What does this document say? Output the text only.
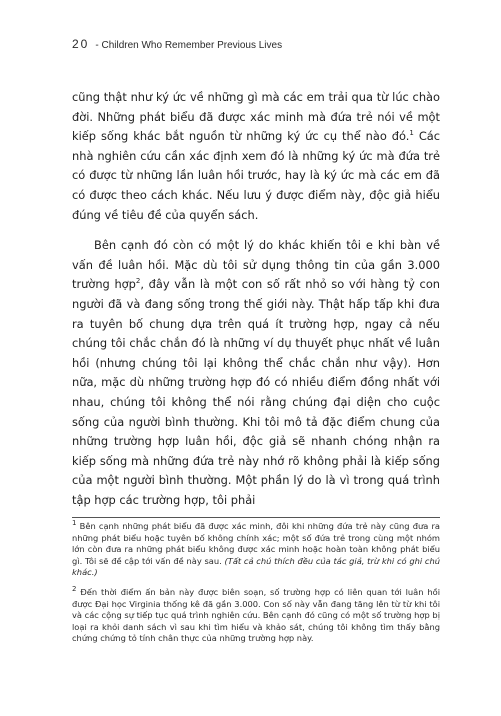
20 - Children Who Remember Previous Lives

cũng thật như ký ức về những gì mà các em trải qua từ lúc chào đời. Những phát biểu đã được xác minh mà đứa trẻ nói về một kiếp sống khác bắt nguồn từ những ký ức cụ thể nào đó.$^1$ Các nhà nghiên cứu cần xác định xem đó là những ký ức mà đứa trẻ có được từ những lần luân hồi trước, hay là ký ức mà các em đã có được theo cách khác. Nếu lưu ý được điểm này, độc giả hiểu đúng về tiêu đề của quyển sách.

Bên cạnh đó còn có một lý do khác khiến tôi e khi bàn về vấn đề luân hồi. Mặc dù tôi sử dụng thông tin của gần 3.000 trường hợp$^2$, đây vẫn là một con số rất nhỏ so với hàng tỷ con người đã và đang sống trong thế giới này. Thật hấp tấp khi đưa ra tuyên bố chung dựa trên quá ít trường hợp, ngay cả nếu chúng tôi chắc chắn đó là những ví dụ thuyết phục nhất về luân hồi (nhưng chúng tôi lại không thể chắc chắn như vậy). Hơn nữa, mặc dù những trường hợp đó có nhiều điểm đồng nhất với nhau, chúng tôi không thể nói rằng chúng đại diện cho cuộc sống của người bình thường. Khi tôi mô tả đặc điểm chung của những trường hợp luân hồi, độc giả sẽ nhanh chóng nhận ra kiếp sống mà những đứa trẻ này nhớ rõ không phải là kiếp sống của một người bình thường. Một phần lý do là vì trong quá trình tập hợp các trường hợp, tôi phải

$^1$ Bên cạnh những phát biểu đã được xác minh, đôi khi những đứa trẻ này cũng đưa ra những phát biểu hoặc tuyên bố không chính xác; một số đứa trẻ trong cùng một nhóm lớn còn đưa ra những phát biểu không được xác minh hoặc hoàn toàn không phát biểu gì. Tôi sẽ đề cập tới vấn đề này sau. (Tất cả chú thích đều của tác giả, trừ khi có ghi chú khác.)
$^2$ Đến thời điểm ấn bản này được biên soạn, số trường hợp có liên quan tới luân hồi được Đại học Virginia thống kê đã gần 3.000. Con số này vẫn đang tăng lên từ từ khi tôi và các cộng sự tiếp tục quá trình nghiên cứu. Bên cạnh đó cũng có một số trường hợp bị loại ra khỏi danh sách vì sau khi tìm hiểu và khảo sát, chúng tôi không tìm thấy bằng chứng chứng tỏ tính chân thực của những trường hợp này.
